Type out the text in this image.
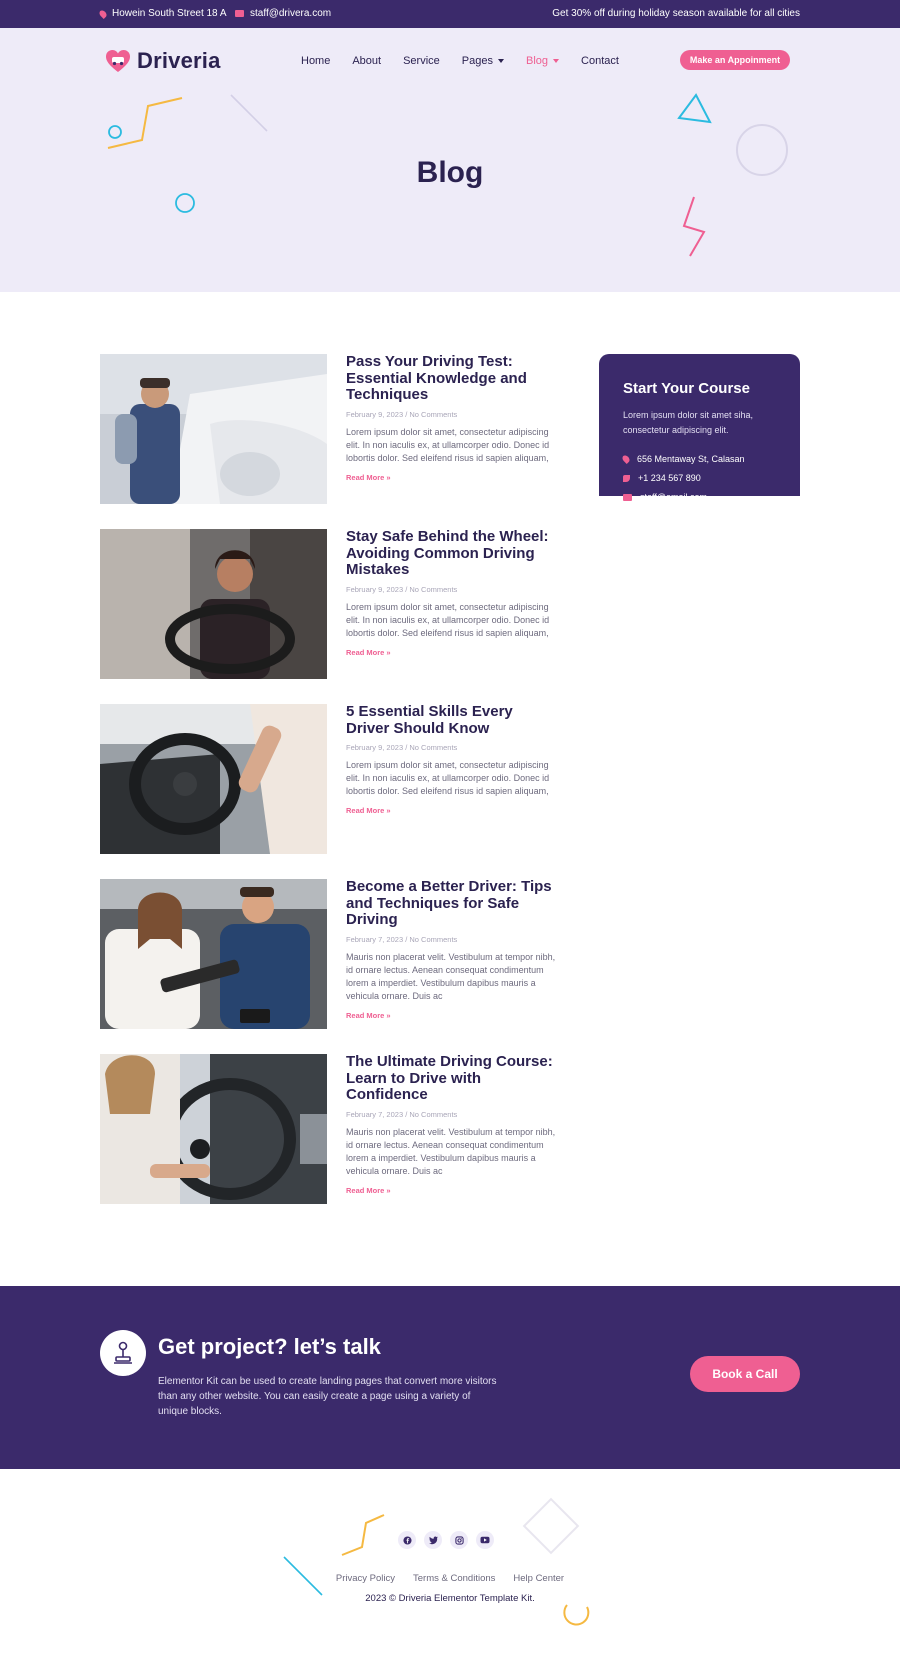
Howein South Street 18 A staff@drivera.com	Get 30% off during holiday season available for all cities
Driveria	Home About Service Pages	Blog	Contact	Make an Appoinment
Blog
Pass Your Driving Test: Essential Knowledge and Techniques
February 9, 2023 / No Comments
Lorem ipsum dolor sit amet, consectetur adipiscing elit. In non iaculis ex, at ullamcorper odio. Donec id lobortis dolor. Sed eleifend risus id sapien aliquam,
Read More »
Stay Safe Behind the Wheel: Avoiding Common Driving Mistakes
February 9, 2023 / No Comments
Lorem ipsum dolor sit amet, consectetur adipiscing elit. In non iaculis ex, at ullamcorper odio. Donec id lobortis dolor. Sed eleifend risus id sapien aliquam,
Read More »
5 Essential Skills Every Driver Should Know
February 9, 2023 / No Comments
Lorem ipsum dolor sit amet, consectetur adipiscing elit. In non iaculis ex, at ullamcorper odio. Donec id lobortis dolor. Sed eleifend risus id sapien aliquam,
Read More »
Become a Better Driver: Tips and Techniques for Safe Driving
February 7, 2023 / No Comments
Mauris non placerat velit. Vestibulum at tempor nibh, id ornare lectus. Aenean consequat condimentum lorem a imperdiet. Vestibulum dapibus mauris a vehicula ornare. Duis ac
Read More »
The Ultimate Driving Course: Learn to Drive with Confidence
February 7, 2023 / No Comments
Mauris non placerat velit. Vestibulum at tempor nibh, id ornare lectus. Aenean consequat condimentum lorem a imperdiet. Vestibulum dapibus mauris a vehicula ornare. Duis ac
Read More »
Start Your Course
Lorem ipsum dolor sit amet siha, consectetur adipiscing elit.
656 Mentaway St, Calasan
+1 234 567 890
staff@email.com
Get project? let’s talk
Elementor Kit can be used to create landing pages that convert more visitors than any other website. You can easily create a page using a variety of unique blocks.
Book a Call
Privacy Policy Terms & Conditions Help Center
2023 © Driveria Elementor Template Kit.
